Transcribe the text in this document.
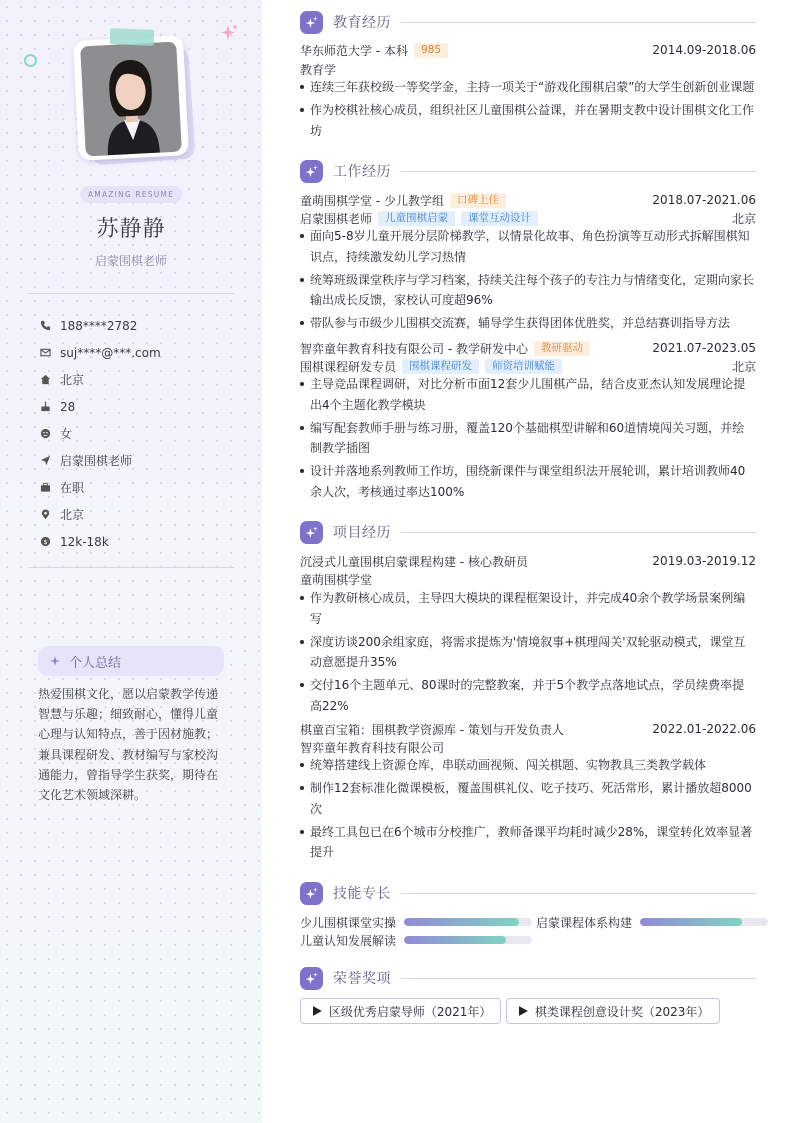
AMAZING RESUME
苏静静
启蒙围棋老师
188****2782
suj****@***.com
北京
28
女
启蒙围棋老师
在职
北京
$ 12k-18k
个人总结
热爱围棋文化，愿以启蒙教学传递智慧与乐趣；细致耐心，懂得儿童心理与认知特点，善于因材施教；兼具课程研发、教材编写与家校沟通能力，曾指导学生获奖，期待在文化艺术领域深耕。
教育经历
华东师范大学 - 本科	985	2014.09-2018.06
教育学
连续三年获校级一等奖学金，主持一项关于“游戏化围棋启蒙”的大学生创新创业课题
作为校棋社核心成员，组织社区儿童围棋公益课，并在暑期支教中设计围棋文化工作坊
工作经历
童萌围棋学堂 - 少儿教学组	口碑上佳	2018.07-2021.06
启蒙围棋老师	儿童围棋启蒙	课堂互动设计	北京
面向5-8岁儿童开展分层阶梯教学，以情景化故事、角色扮演等互动形式拆解围棋知识点，持续激发幼儿学习热情
统筹班级课堂秩序与学习档案，持续关注每个孩子的专注力与情绪变化，定期向家长输出成长反馈，家校认可度超96%
带队参与市级少儿围棋交流赛，辅导学生获得团体优胜奖，并总结赛训指导方法
智弈童年教育科技有限公司 - 教学研发中心	教研驱动	2021.07-2023.05
围棋课程研发专员	围棋课程研发	师资培训赋能	北京
主导竞品课程调研，对比分析市面12套少儿围棋产品，结合皮亚杰认知发展理论提出4个主题化教学模块
编写配套教师手册与练习册，覆盖120个基础棋型讲解和60道情境闯关习题，并绘制教学插图
设计并落地系列教师工作坊，围绕新课件与课堂组织法开展轮训，累计培训教师40余人次，考核通过率达100%
项目经历
沉浸式儿童围棋启蒙课程构建 - 核心教研员	2019.03-2019.12
童萌围棋学堂
作为教研核心成员，主导四大模块的课程框架设计，并完成40余个教学场景案例编写
深度访谈200余组家庭，将需求提炼为'情境叙事+棋理闯关'双轮驱动模式，课堂互动意愿提升35%
交付16个主题单元、80课时的完整教案，并于5个教学点落地试点，学员续费率提高22%
棋童百宝箱：围棋教学资源库 - 策划与开发负责人	2022.01-2022.06
智弈童年教育科技有限公司
统筹搭建线上资源仓库，串联动画视频、闯关棋题、实物教具三类教学载体
制作12套标准化微课模板，覆盖围棋礼仪、吃子技巧、死活常形，累计播放超8000次
最终工具包已在6个城市分校推广，教师备课平均耗时减少28%，课堂转化效率显著提升
技能专长
少儿围棋课堂实操	启蒙课程体系构建
儿童认知发展解读
荣誉奖项
区级优秀启蒙导师（2021年）	棋类课程创意设计奖（2023年）
